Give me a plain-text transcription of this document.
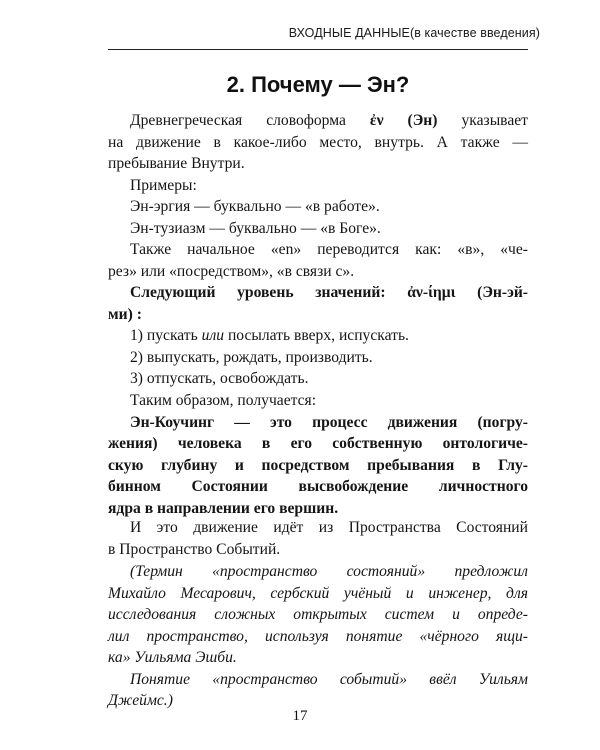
ВХОДНЫЕ ДАННЫЕ(в качестве введения)
2. Почему — Эн?
Древнегреческая словоформа ἐν (Эн) указывает
на движение в какое-либо место, внутрь. А также —
пребывание Внутри.
Примеры:
Эн-эргия — буквально — «в работе».
Эн-тузиазм — буквально — «в Боге».
Также начальное «en» переводится как: «в», «че-
рез» или «посредством», «в связи с».
Следующий уровень значений: ἀν-ίημι (Эн-эй-
ми) :
1) пускать или посылать вверх, испускать.
2) выпускать, рождать, производить.
3) отпускать, освобождать.
Таким образом, получается:
Эн-Коучинг — это процесс движения (погру-
жения) человека в его собственную онтологиче-
скую глубину и посредством пребывания в Глу-
бинном Состоянии высвобождение личностного
ядра в направлении его вершин.
И это движение идёт из Пространства Состояний
в Пространство Событий.
(Термин «пространство состояний» предложил
Михайло Месарович, сербский учёный и инженер, для
исследования сложных открытых систем и опреде-
лил пространство, используя понятие «чёрного ящи-
ка» Уильяма Эшби.
Понятие «пространство событий» ввёл Уильям
Джеймс.)
17
